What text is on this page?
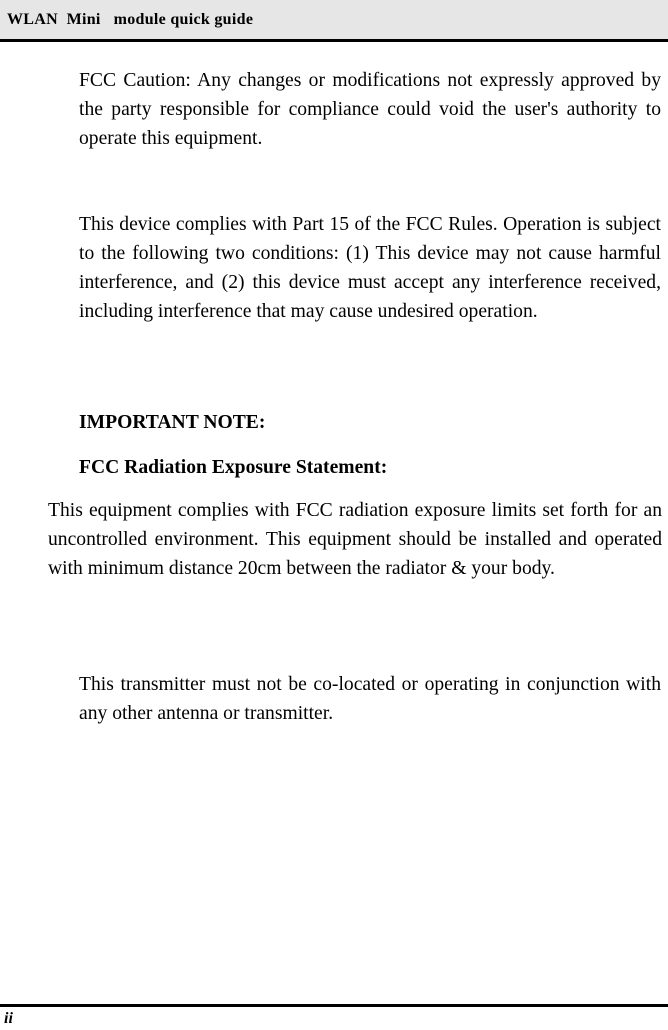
WLAN  Mini   module quick guide

FCC Caution: Any changes or modifications not expressly approved by the party responsible for compliance could void the user's authority to operate this equipment.

This device complies with Part 15 of the FCC Rules. Operation is subject to the following two conditions: (1) This device may not cause harmful interference, and (2) this device must accept any interference received, including interference that may cause undesired operation.

IMPORTANT NOTE:

FCC Radiation Exposure Statement:

This equipment complies with FCC radiation exposure limits set forth for an uncontrolled environment. This equipment should be installed and operated with minimum distance 20cm between the radiator & your body.

This transmitter must not be co-located or operating in conjunction with any other antenna or transmitter.

ii
